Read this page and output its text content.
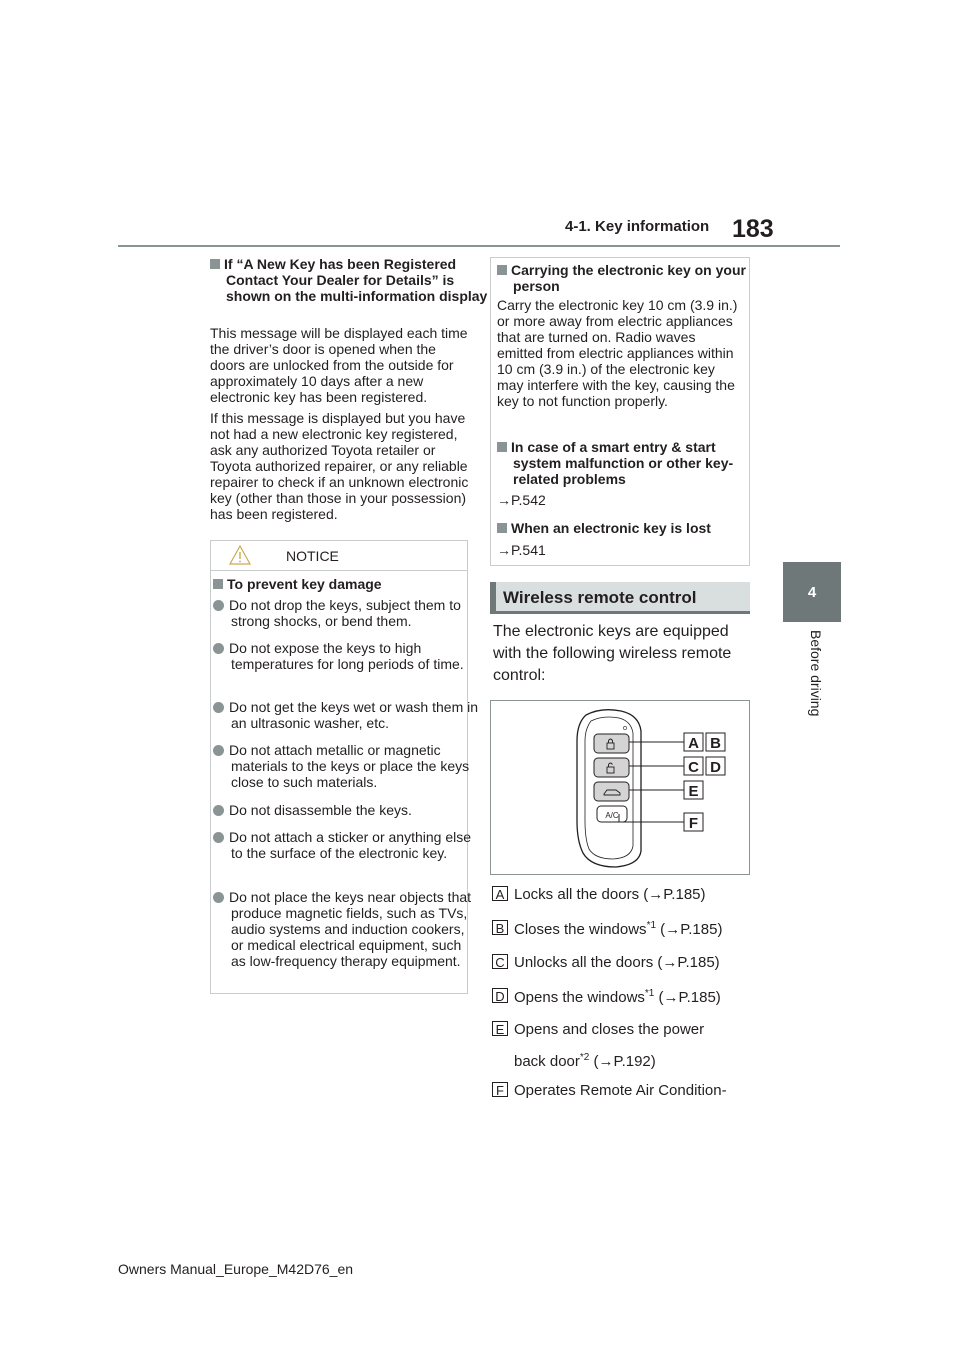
4-1. Key information 183
4
Before driving
If “A New Key has been Registered Contact Your Dealer for Details” is shown on the multi-information display
This message will be displayed each time the driver’s door is opened when the doors are unlocked from the outside for approximately 10 days after a new electronic key has been registered.
If this message is displayed but you have not had a new electronic key registered, ask any authorized Toyota retailer or Toyota authorized repairer, or any reliable repairer to check if an unknown electronic key (other than those in your possession) has been registered.
NOTICE
To prevent key damage
Do not drop the keys, subject them to strong shocks, or bend them.
Do not expose the keys to high temperatures for long periods of time.
Do not get the keys wet or wash them in an ultrasonic washer, etc.
Do not attach metallic or magnetic materials to the keys or place the keys close to such materials.
Do not disassemble the keys.
Do not attach a sticker or anything else to the surface of the electronic key.
Do not place the keys near objects that produce magnetic fields, such as TVs, audio systems and induction cookers, or medical electrical equipment, such as low-frequency therapy equipment.
Carrying the electronic key on your person
Carry the electronic key 10 cm (3.9 in.) or more away from electric appliances that are turned on. Radio waves emitted from electric appliances within 10 cm (3.9 in.) of the electronic key may interfere with the key, causing the key to not function properly.
In case of a smart entry & start system malfunction or other key-related problems
→P.542
When an electronic key is lost
→P.541
Wireless remote control
The electronic keys are equipped with the following wireless remote control:
A/C
A B
C D
E
F
A Locks all the doors (→P.185)
B Closes the windows$^{*1}$ (→P.185)
C Unlocks all the doors (→P.185)
D Opens the windows$^{*1}$ (→P.185)
E Opens and closes the power
back door$^{*2}$ (→P.192)
F Operates Remote Air Condition-
Owners Manual_Europe_M42D76_en
